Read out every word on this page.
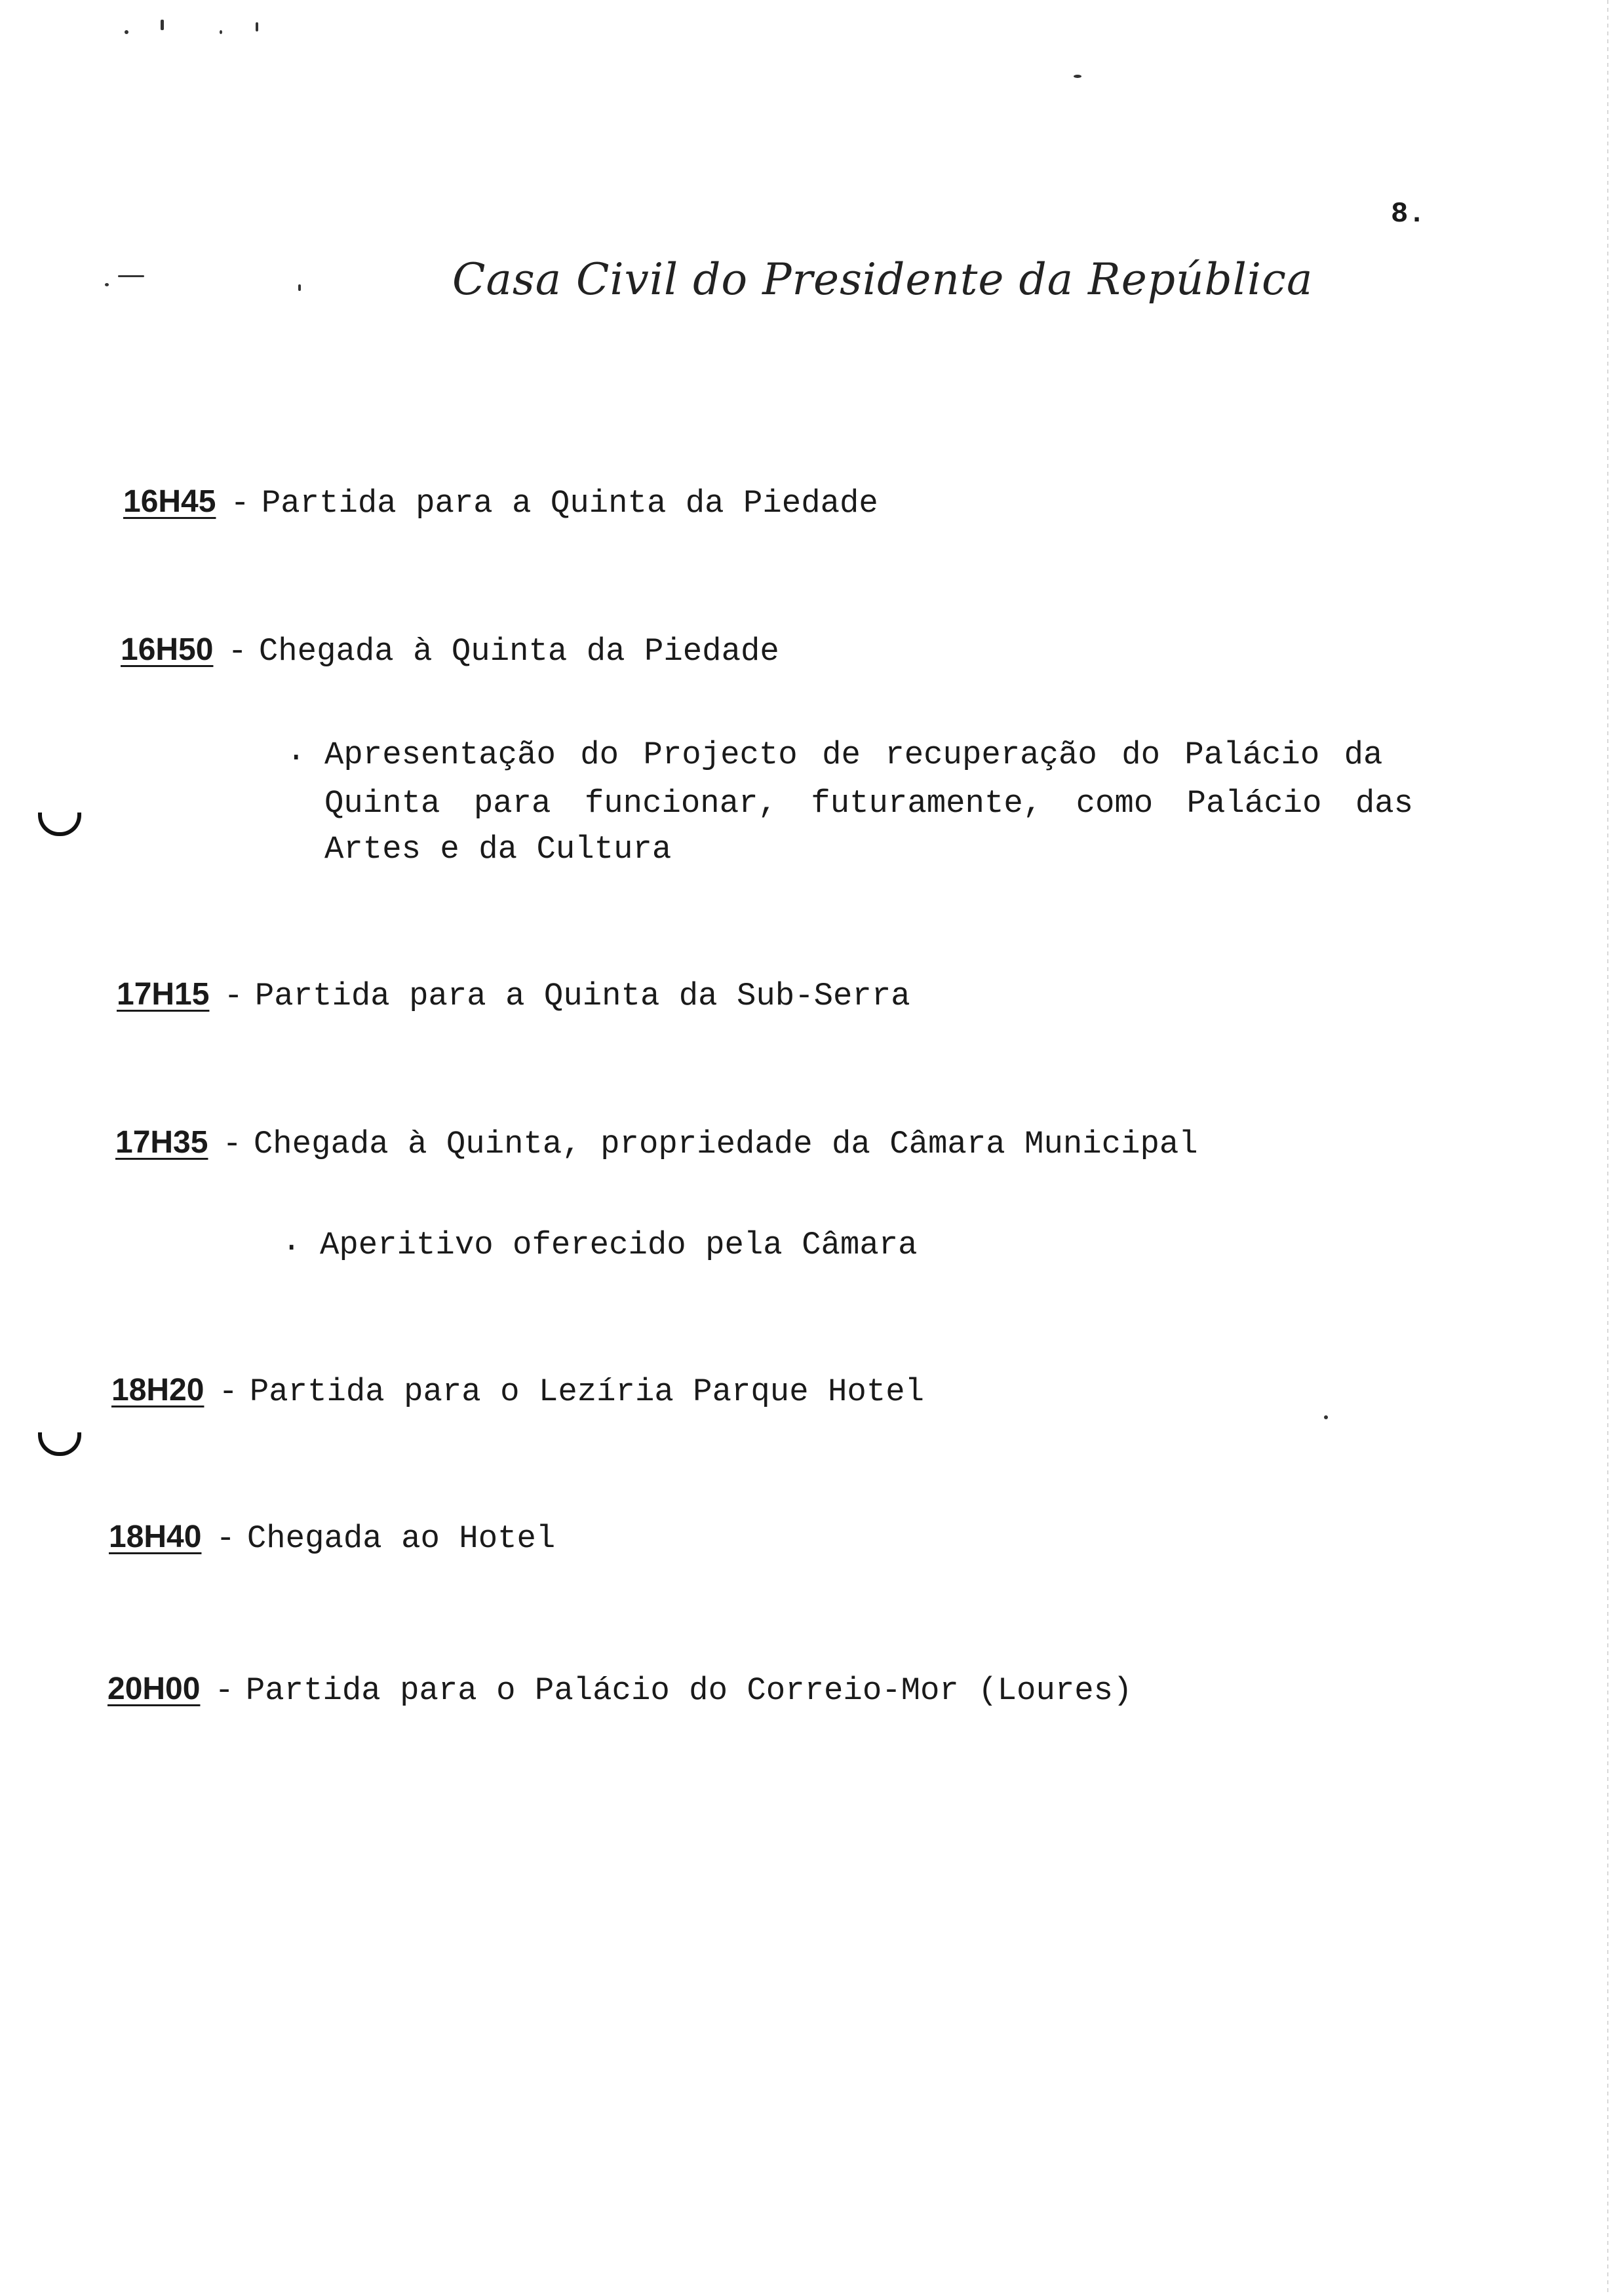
8.
Casa Civil do Presidente da República
16H45 - Partida para a Quinta da Piedade
16H50 - Chegada à Quinta da Piedade
. Apresentação do Projecto de recuperação do Palácio da
Quinta para funcionar, futuramente, como Palácio das
Artes e da Cultura
17H15 - Partida para a Quinta da Sub-Serra
17H35 - Chegada à Quinta, propriedade da Câmara Municipal
. Aperitivo oferecido pela Câmara
18H20 - Partida para o Lezíria Parque Hotel
18H40 - Chegada ao Hotel
20H00 - Partida para o Palácio do Correio-Mor (Loures)
